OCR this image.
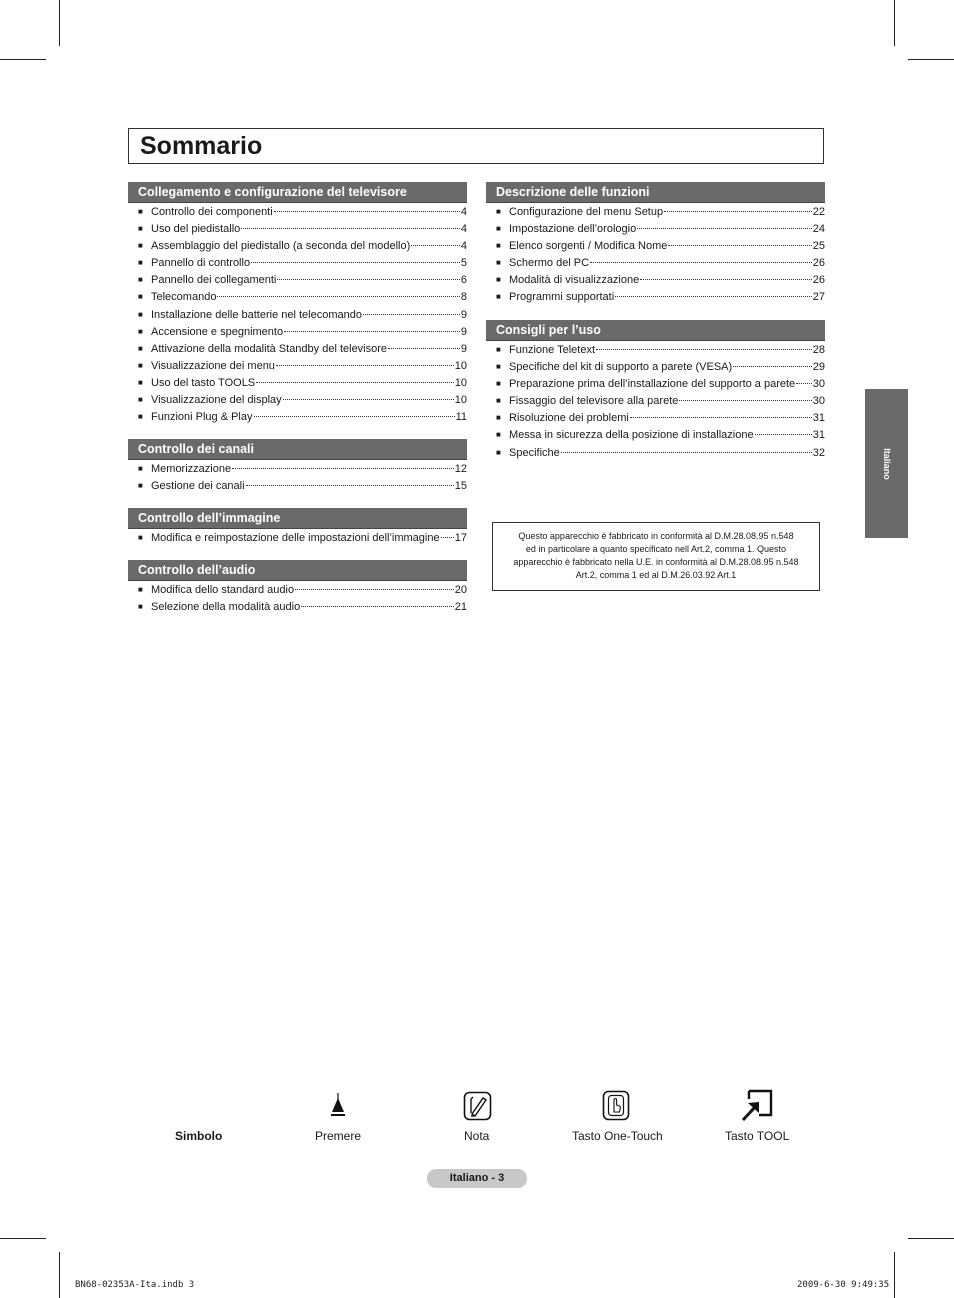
Sommario
Collegamento e configurazione del televisore
■ Controllo dei componenti	4
■ Uso del piedistallo	4
■ Assemblaggio del piedistallo (a seconda del modello)	4
■ Pannello di controllo	5
■ Pannello dei collegamenti	6
■ Telecomando	8
■ Installazione delle batterie nel telecomando	9
■ Accensione e spegnimento	9
■ Attivazione della modalità Standby del televisore	9
■ Visualizzazione dei menu	10
■ Uso del tasto TOOLS	10
■ Visualizzazione del display	10
■ Funzioni Plug & Play	11
Controllo dei canali
■ Memorizzazione	12
■ Gestione dei canali	15
Controllo dell’immagine
■ Modifica e reimpostazione delle impostazioni dell’immagine 17
Controllo dell’audio
■ Modifica dello standard audio	20
■ Selezione della modalità audio	21
Descrizione delle funzioni
■ Configurazione del menu Setup	22
■ Impostazione dell’orologio	24
■ Elenco sorgenti / Modifica Nome	25
■ Schermo del PC	26
■ Modalità di visualizzazione	26
■ Programmi supportati	27
Consigli per l’uso
■ Funzione Teletext	28
■ Specifiche del kit di supporto a parete (VESA)	29
■ Preparazione prima dell’installazione del supporto a parete 30
■ Fissaggio del televisore alla parete	30
■ Risoluzione dei problemi	31
■ Messa in sicurezza della posizione di installazione	31
■ Specifiche	32
Questo apparecchio è fabbricato in conformità al D.M.28.08.95 n.548
ed in particolare a quanto specificato nell Art.2, comma 1. Questo
apparecchio è fabbricato nella U.E. in conformità al D.M.28.08.95 n.548
Art.2, comma 1 ed al D.M.26.03.92 Art.1
Italiano
Simbolo	Premere	Nota	Tasto One-Touch	Tasto TOOL
Italiano - 3
BN68-02353A-Ita.indb 3	2009-6-30 9:49:35
